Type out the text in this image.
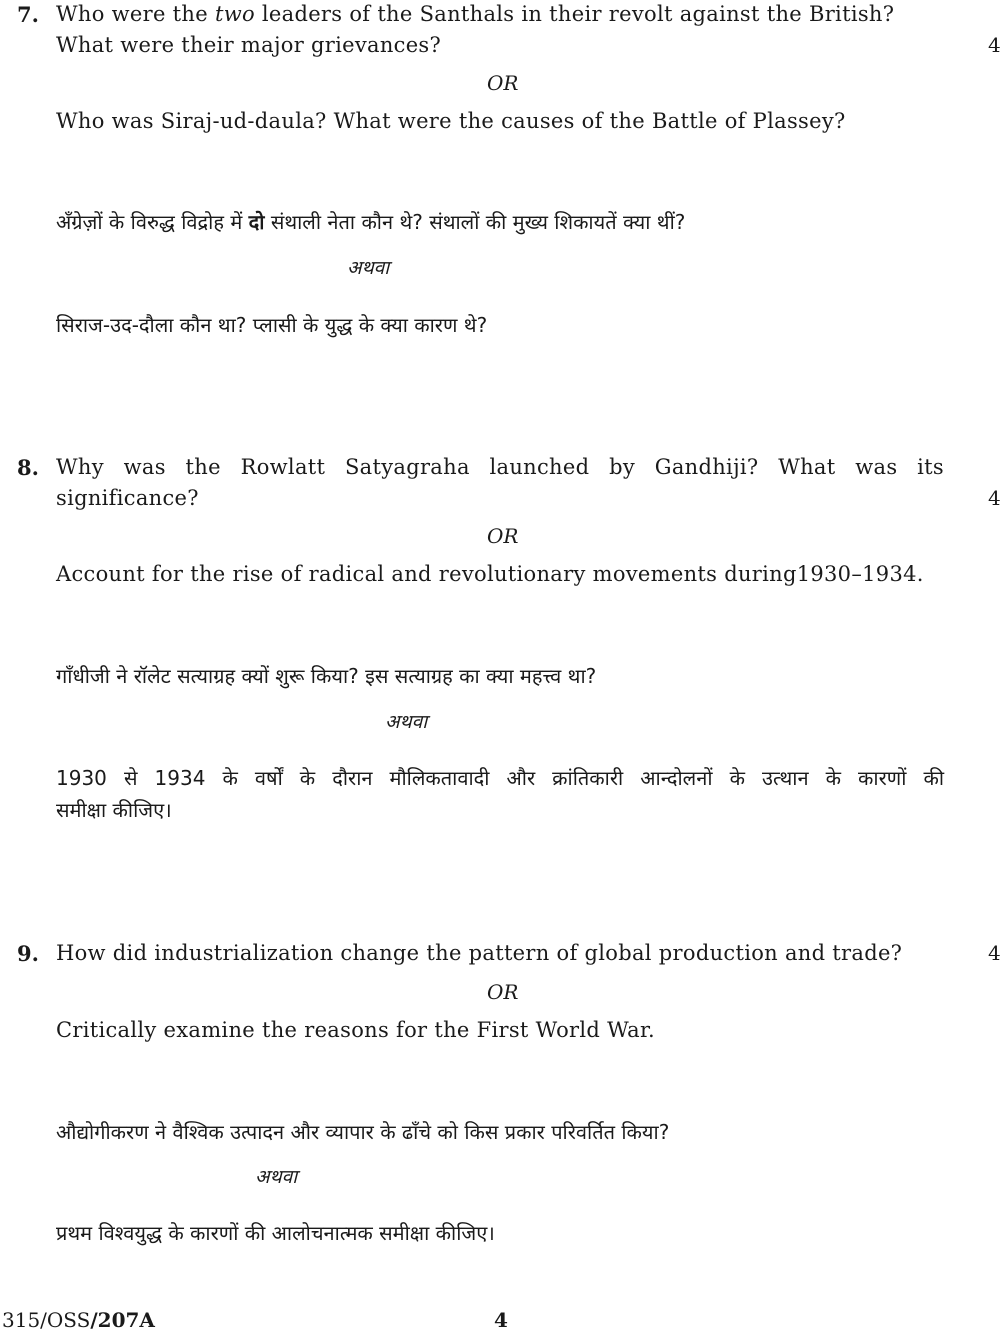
7. Who were the two leaders of the Santhals in their revolt against the British?
4
What were their major grievances?
OR
Who was Siraj-ud-daula? What were the causes of the Battle of Plassey?
अँग्रेज़ों के विरुद्ध विद्रोह में दो संथाली नेता कौन थे? संथालों की मुख्य शिकायतें क्या थीं?
अथवा
सिराज-उद-दौला कौन था? प्लासी के युद्ध के क्या कारण थे?
8. Why was the Rowlatt Satyagraha launched by Gandhiji? What was its
significance?	4
OR
Account for the rise of radical and revolutionary movements during1930–1934.
गाँधीजी ने रॉलेट सत्याग्रह क्यों शुरू किया? इस सत्याग्रह का क्या महत्त्व था?
अथवा
1930 से 1934 के वर्षों के दौरान मौलिकतावादी और क्रांतिकारी आन्दोलनों के उत्थान के कारणों की
समीक्षा कीजिए।
9. How did industrialization change the pattern of global production and trade?	4
OR
Critically examine the reasons for the First World War.
औद्योगीकरण ने वैश्विक उत्पादन और व्यापार के ढाँचे को किस प्रकार परिवर्तित किया?
अथवा
प्रथम विश्वयुद्ध के कारणों की आलोचनात्मक समीक्षा कीजिए।
315/OSS/207A	4
